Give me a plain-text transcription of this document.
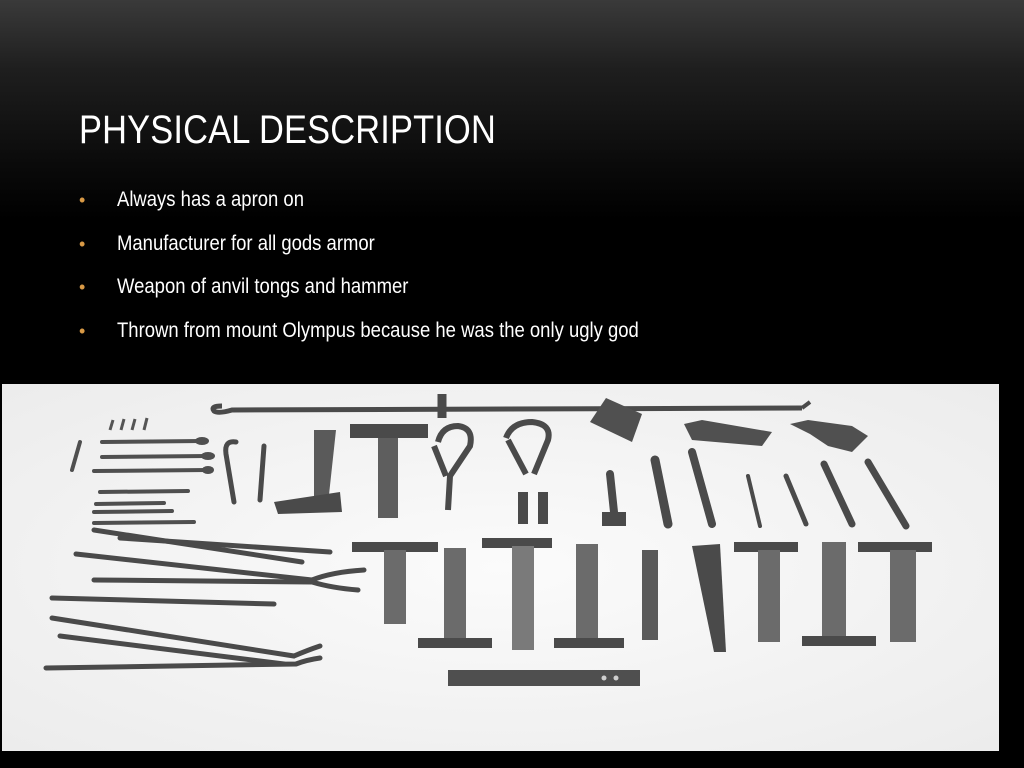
PHYSICAL DESCRIPTION
• Always has a apron on
• Manufacturer for all gods armor
• Weapon of anvil tongs and hammer
• Thrown from mount Olympus because he was the only ugly god
